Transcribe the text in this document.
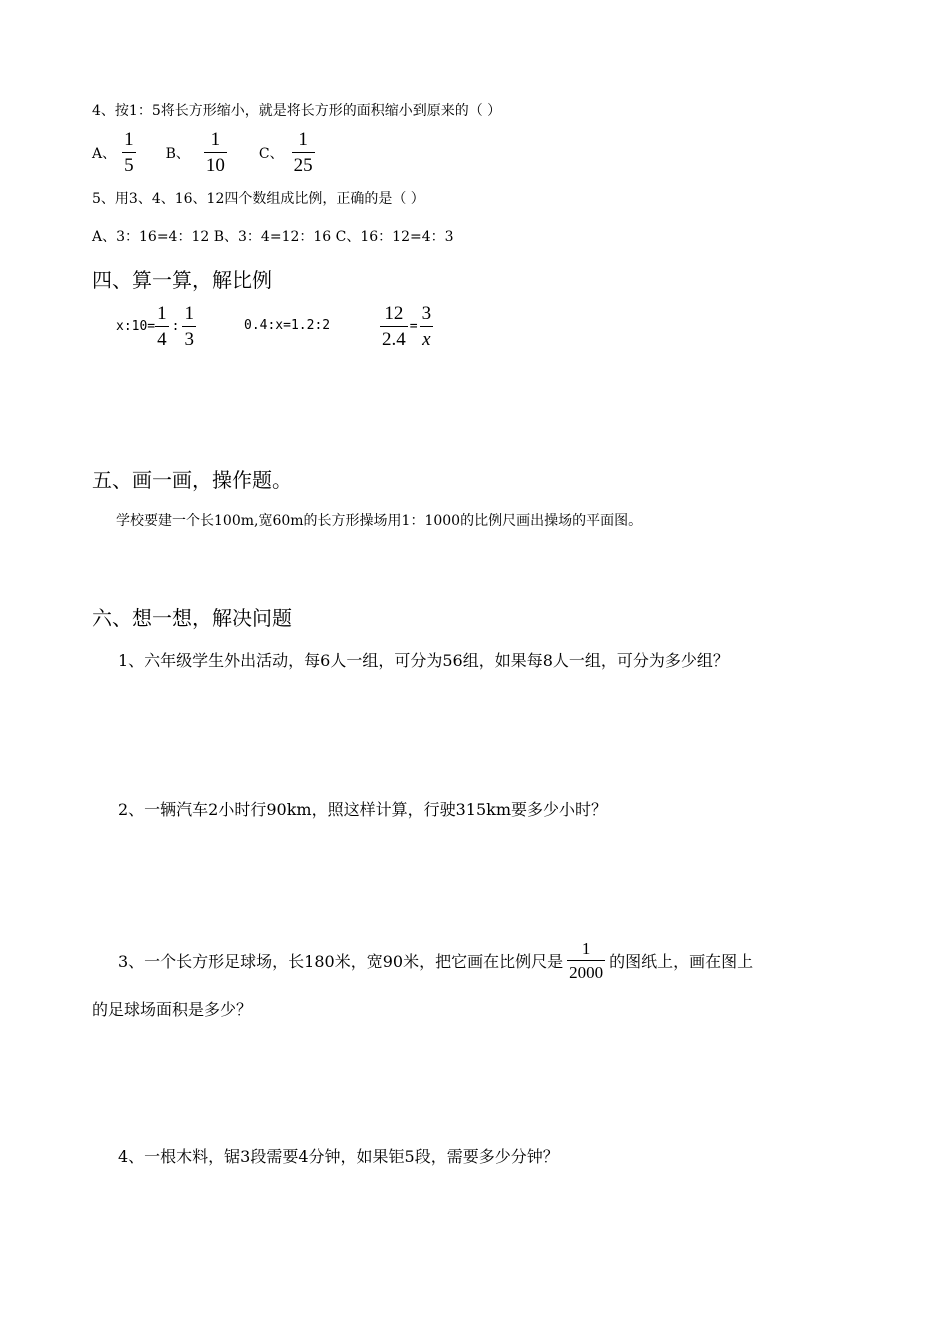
4、按1：5将长方形缩小，就是将长方形的面积缩小到原来的（ ）
A、 $\frac{1}{5}$ B、 $\frac{1}{10}$ C、 $\frac{1}{25}$
5、用3、4、16、12四个数组成比例，正确的是（ ）
A、3：16=4：12 B、3：4=12：16 C、16：12=4：3
四、算一算，解比例
x:10= $\frac{1}{4}$ : $\frac{1}{3}$	0.4:x=1.2:2	$\frac{12}{2.4} = \frac{3}{x}$
五、画一画，操作题。
学校要建一个长100m,宽60m的长方形操场用1：1000的比例尺画出操场的平面图。
六、想一想，解决问题
1、六年级学生外出活动，每6人一组，可分为56组，如果每8人一组，可分为多少组？
2、一辆汽车2小时行90km，照这样计算，行驶315km要多少小时？
3、一个长方形足球场，长180米，宽90米，把它画在比例尺是 $\frac{1}{2000}$ 的图纸上，画在图上
的足球场面积是多少？
4、一根木料，锯3段需要4分钟，如果钜5段，需要多少分钟？
